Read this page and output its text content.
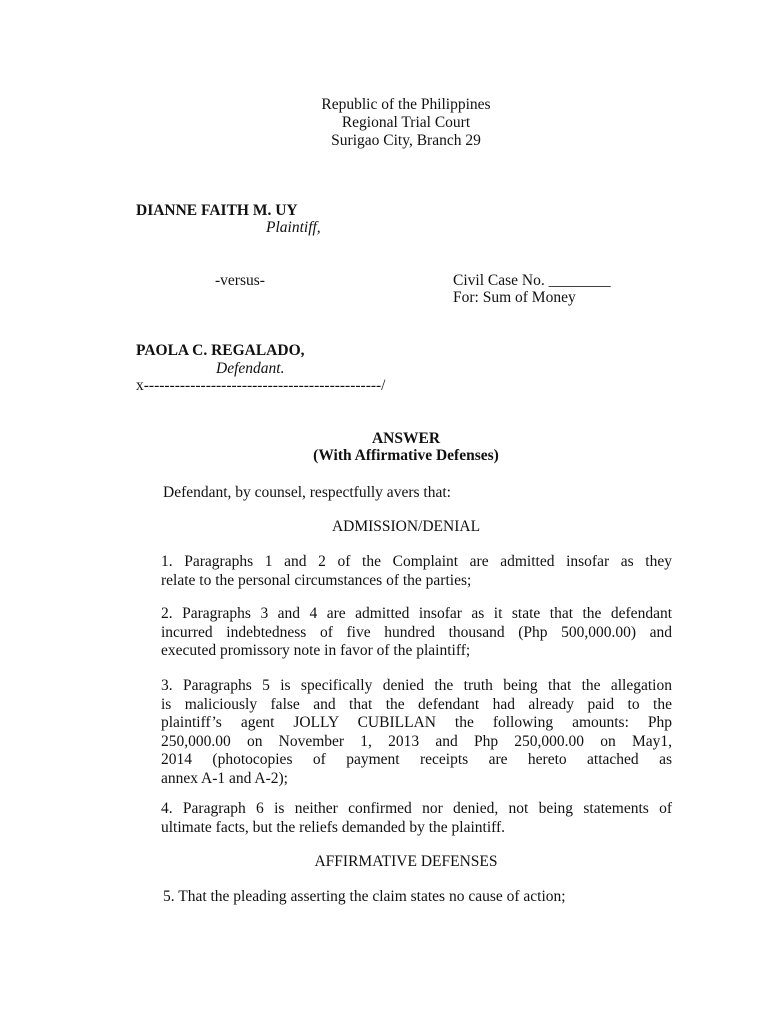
Republic of the Philippines
Regional Trial Court
Surigao City, Branch 29
DIANNE FAITH M. UY
Plaintiff,
-versus-	Civil Case No. ________
For: Sum of Money
PAOLA C. REGALADO,
Defendant.
x----------------------------------------------/
ANSWER
(With Affirmative Defenses)
Defendant, by counsel, respectfully avers that:
ADMISSION/DENIAL
1. Paragraphs 1 and 2 of the Complaint are admitted insofar as they
relate to the personal circumstances of the parties;
2. Paragraphs 3 and 4 are admitted insofar as it state that the defendant
incurred indebtedness of five hundred thousand (Php 500,000.00) and
executed promissory note in favor of the plaintiff;
3. Paragraphs 5 is specifically denied the truth being that the allegation
is maliciously false and that the defendant had already paid to the
plaintiff’s agent JOLLY CUBILLAN the following amounts: Php
250,000.00 on November 1, 2013 and Php 250,000.00 on May1,
2014 (photocopies of payment receipts are hereto attached as
annex A-1 and A-2);
4. Paragraph 6 is neither confirmed nor denied, not being statements of
ultimate facts, but the reliefs demanded by the plaintiff.
AFFIRMATIVE DEFENSES
5. That the pleading asserting the claim states no cause of action;
